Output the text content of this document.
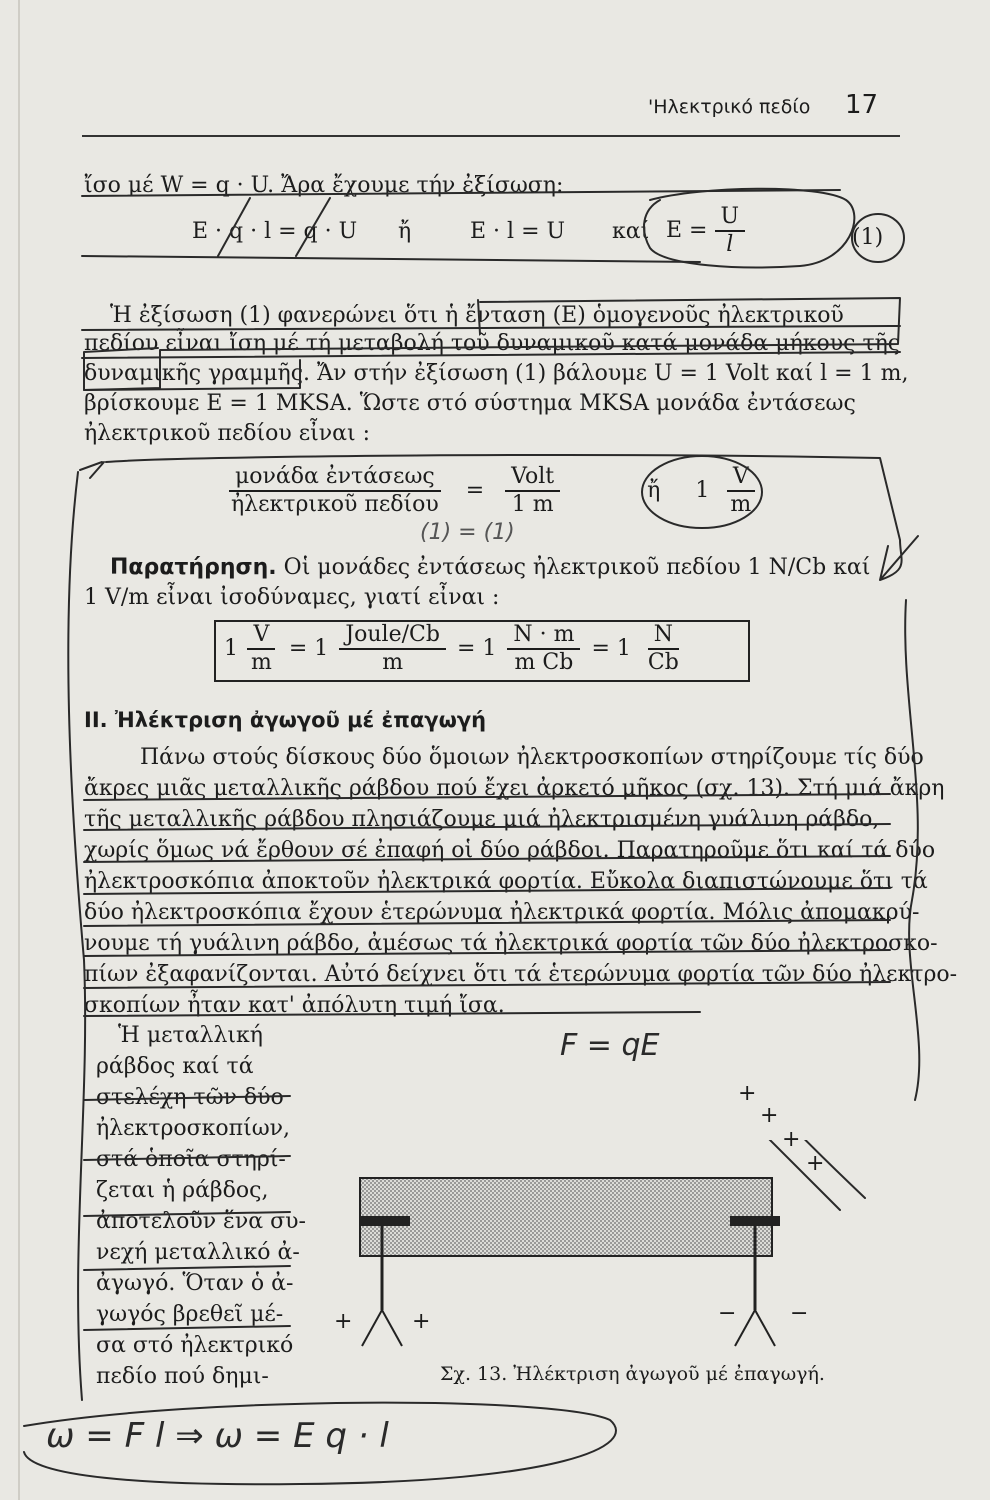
'Ηλεκτρικό πεδίο 17
ἴσο μέ W = q · U. Ἄρα ἔχουμε τήν ἐξίσωση:
E · q · l = q · U ἤ	E · l = U καί $E = \frac{U}{l}$	(1)
Ἡ ἐξίσωση (1) φανερώνει ὅτι ἡ ἔνταση (E) ὁμογενοῦς ἠλεκτρικοῦ
πεδίου εἶναι ἴση μέ τή μεταβολή τοῦ δυναμικοῦ κατά μονάδα μήκους τῆς
δυναμικῆς γραμμῆς. Ἄν στήν ἐξίσωση (1) βάλουμε U = 1 Volt καί l = 1 m,
βρίσκουμε E = 1 MKSA. Ὥστε στό σύστημα MKSA μονάδα ἐντάσεως
ἠλεκτρικοῦ πεδίου εἶναι :
$\frac{\text{μονάδα ἐντάσεως}}{\text{ἠλεκτρικοῦ πεδίου}} = \frac{\text{Volt}}{1 m}$	ἤ $1 \frac{V}{m}$
Παρατήρηση. Οἱ μονάδες ἐντάσεως ἠλεκτρικοῦ πεδίου 1 N/Cb καί
1 V/m εἶναι ἰσοδύναμες, γιατί εἶναι :
$1 \frac{V}{m} = 1 \frac{\text{Joule/Cb}}{m} = 1 \frac{N \cdot m}{\text{m Cb}} = 1 \frac{N}{Cb}$
ΙΙ. Ἠλέκτριση ἀγωγοῦ μέ ἐπαγωγή
Πάνω στούς δίσκους δύο ὅμοιων ἠλεκτροσκοπίων στηρίζουμε τίς δύο
ἄκρες μιᾶς μεταλλικῆς ράβδου πού ἔχει ἀρκετό μῆκος (σχ. 13). Στή μιά ἄκρη
τῆς μεταλλικῆς ράβδου πλησιάζουμε μιά ἠλεκτρισμένη γυάλινη ράβδο,
χωρίς ὅμως νά ἔρθουν σέ ἐπαφή οἱ δύο ράβδοι. Παρατηροῦμε ὅτι καί τά δύο
ἠλεκτροσκόπια ἀποκτοῦν ἠλεκτρικά φορτία. Εὔκολα διαπιστώνουμε ὅτι τά
δύο ἠλεκτροσκόπια ἔχουν ἑτερώνυμα ἠλεκτρικά φορτία. Μόλις ἀπομακρύ-
νουμε τή γυάλινη ράβδο, ἀμέσως τά ἠλεκτρικά φορτία τῶν δύο ἠλεκτροσκο-
πίων ἐξαφανίζονται. Αὐτό δείχνει ὅτι τά ἑτερώνυμα φορτία τῶν δύο ἠλεκτρο-
σκοπίων ἦταν κατ' ἀπόλυτη τιμή ἴσα.
Ἡ μεταλλική
ράβδος καί τά
στελέχη τῶν δύο
ἠλεκτροσκοπίων,
στά ὁποῖα στηρί-
ζεται ἡ ράβδος,
ἀποτελοῦν ἕνα συ-
νεχή μεταλλικό ἀ-
ἀγωγό. Ὅταν ὁ ἀ-
γωγός βρεθεῖ μέ-
σα στό ἠλεκτρικό
πεδίο πού δημι-
+	+	− −
+
+
+
+
Σχ. 13. Ἠλέκτριση ἀγωγοῦ μέ ἐπαγωγή.
ω = F l ⇒ ω = E q · l
F = qE
(1) = (1)
